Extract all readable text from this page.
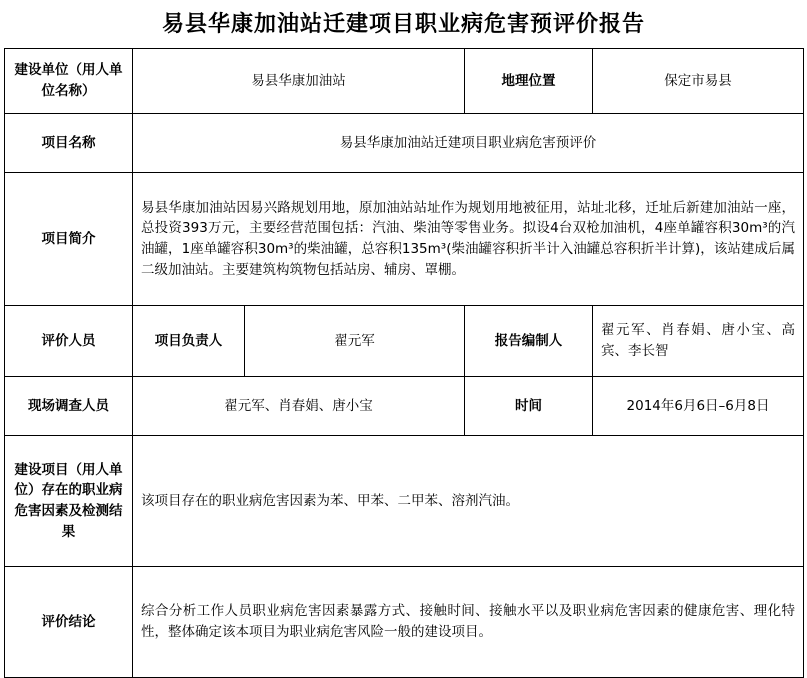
易县华康加油站迁建项目职业病危害预评价报告
建设单位（用人单位名称）	易县华康加油站		地理位置	保定市易县
项目名称	易县华康加油站迁建项目职业病危害预评价			
项目简介	易县华康加油站因易兴路规划用地，原加油站站址作为规划用地被征用，站址北移，迁址后新建加油站一座，总投资393万元，主要经营范围包括：汽油、柴油等零售业务。拟设4台双枪加油机，4座单罐容积30m³的汽油罐，1座单罐容积30m³的柴油罐，总容积135m³(柴油罐容积折半计入油罐总容积折半计算)，该站建成后属二级加油站。主要建筑构筑物包括站房、辅房、罩棚。			
评价人员	项目负责人	翟元军	报告编制人	翟元军、肖春娟、唐小宝、高宾、李长智
现场调查人员	翟元军、肖春娟、唐小宝		时间	2014年6月6日–6月8日
建设项目（用人单位）存在的职业病危害因素及检测结果	该项目存在的职业病危害因素为苯、甲苯、二甲苯、溶剂汽油。			
评价结论	综合分析工作人员职业病危害因素暴露方式、接触时间、接触水平以及职业病危害因素的健康危害、理化特性，整体确定该本项目为职业病危害风险一般的建设项目。			
